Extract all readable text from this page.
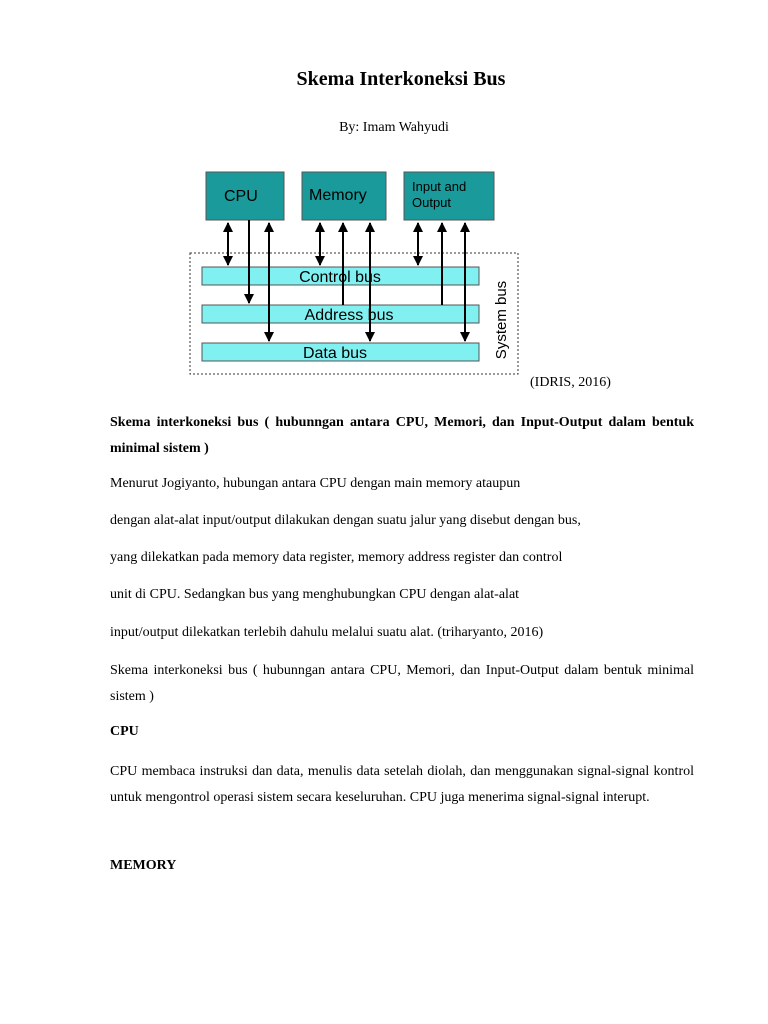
Skema Interkoneksi Bus
By: Imam Wahyudi
CPU	Memory
Input and
Output
Control bus
Address bus
Data bus	System bus
(IDRIS, 2016)
Skema interkoneksi bus ( hubunngan antara CPU, Memori, dan Input-Output dalam bentuk minimal sistem )
Menurut Jogiyanto, hubungan antara CPU dengan main memory ataupun
dengan alat-alat input/output dilakukan dengan suatu jalur yang disebut dengan bus,
yang dilekatkan pada memory data register, memory address register dan control
unit di CPU. Sedangkan bus yang menghubungkan CPU dengan alat-alat
input/output dilekatkan terlebih dahulu melalui suatu alat. (triharyanto, 2016)
Skema interkoneksi bus ( hubunngan antara CPU, Memori, dan Input-Output dalam bentuk minimal sistem )
CPU
CPU membaca instruksi dan data, menulis data setelah diolah, dan menggunakan signal-signal kontrol untuk mengontrol operasi sistem secara keseluruhan. CPU juga menerima signal-signal interupt.
MEMORY
